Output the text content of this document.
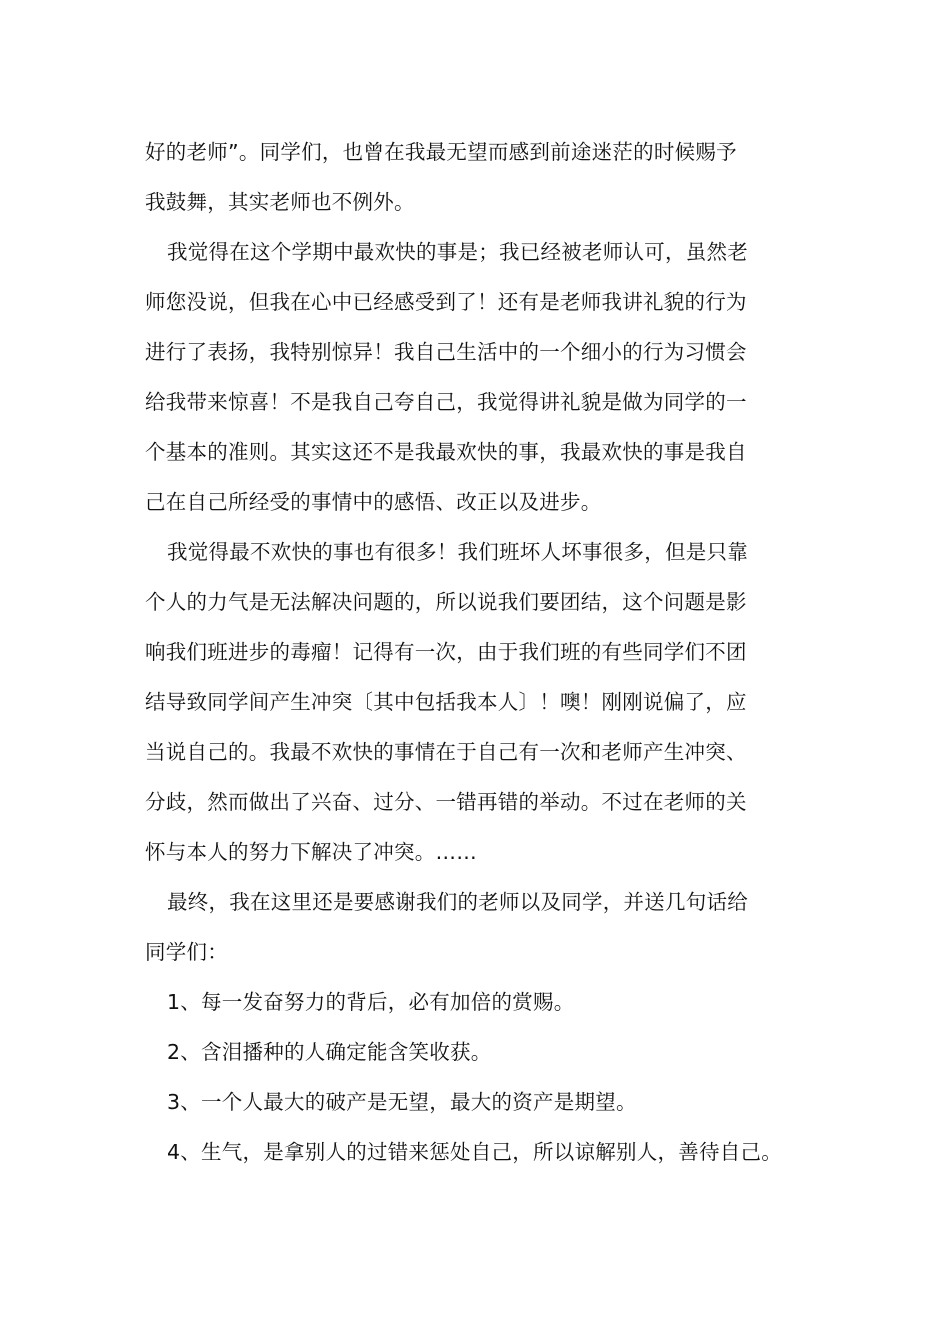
好的老师”。同学们，也曾在我最无望而感到前途迷茫的时候赐予
我鼓舞，其实老师也不例外。
我觉得在这个学期中最欢快的事是；我已经被老师认可，虽然老
师您没说，但我在心中已经感受到了！还有是老师我讲礼貌的行为
进行了表扬，我特别惊异！我自己生活中的一个细小的行为习惯会
给我带来惊喜！不是我自己夸自己，我觉得讲礼貌是做为同学的一
个基本的准则。其实这还不是我最欢快的事，我最欢快的事是我自
己在自己所经受的事情中的感悟、改正以及进步。
我觉得最不欢快的事也有很多！我们班坏人坏事很多，但是只靠
个人的力气是无法解决问题的，所以说我们要团结，这个问题是影
响我们班进步的毒瘤！记得有一次，由于我们班的有些同学们不团
结导致同学间产生冲突〔其中包括我本人〕！噢！刚刚说偏了，应
当说自己的。我最不欢快的事情在于自己有一次和老师产生冲突、
分歧，然而做出了兴奋、过分、一错再错的举动。不过在老师的关
怀与本人的努力下解决了冲突。……
最终，我在这里还是要感谢我们的老师以及同学，并送几句话给
同学们：
1、每一发奋努力的背后，必有加倍的赏赐。
2、含泪播种的人确定能含笑收获。
3、一个人最大的破产是无望，最大的资产是期望。
4、生气，是拿别人的过错来惩处自己，所以谅解别人，善待自己。
